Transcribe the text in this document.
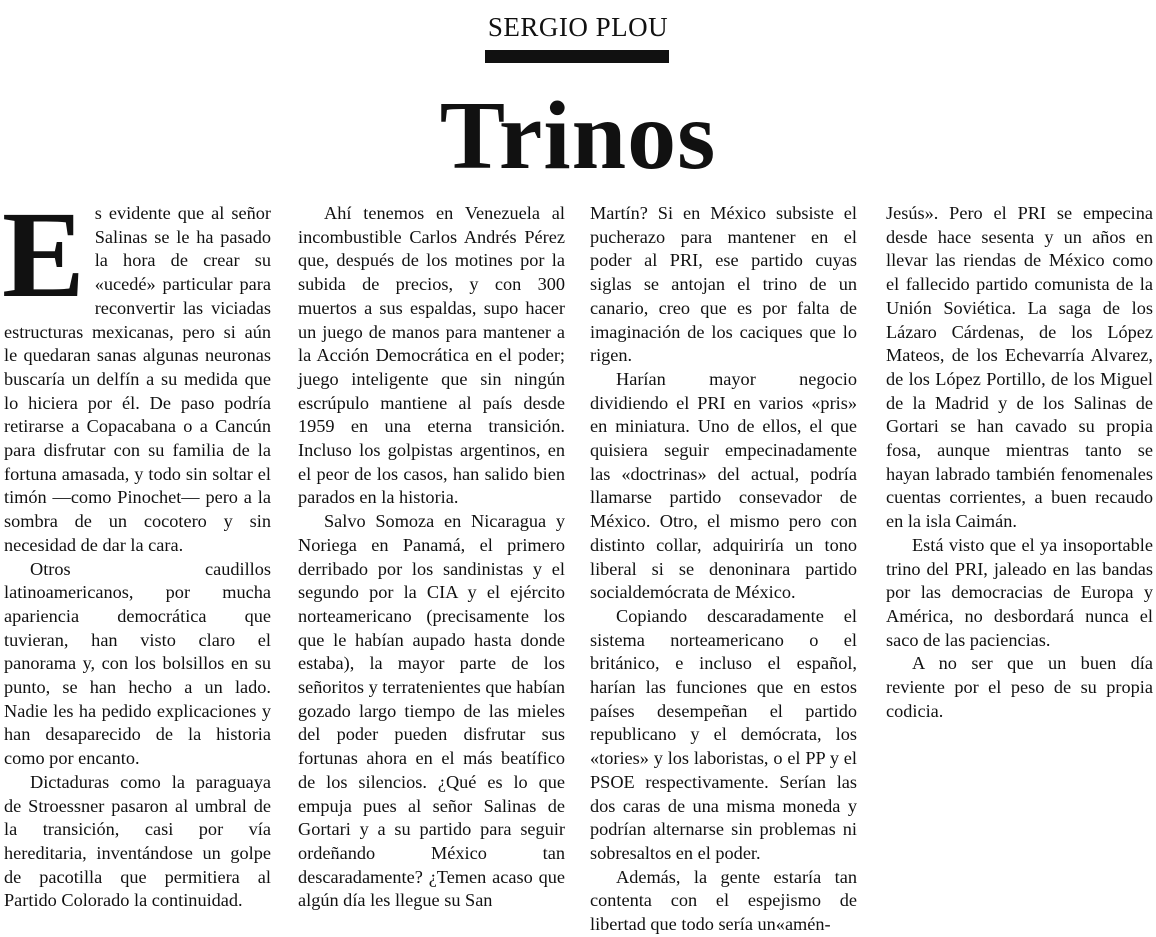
SERGIO PLOU
Trinos

Es evidente que al señor Salinas se le ha pasado la hora de crear su «ucedé» particular para reconvertir las viciadas estructuras mexicanas, pero si aún le quedaran sanas algunas neuronas buscaría un delfín a su medida que lo hiciera por él. De paso podría retirarse a Copacabana o a Cancún para disfrutar con su familia de la fortuna amasada, y todo sin soltar el timón —como Pinochet— pero a la sombra de un cocotero y sin necesidad de dar la cara.

Otros caudillos latinoamericanos, por mucha apariencia democrática que tuvieran, han visto claro el panorama y, con los bolsillos en su punto, se han hecho a un lado. Nadie les ha pedido explicaciones y han desaparecido de la historia como por encanto.

Dictaduras como la paraguaya de Stroessner pasaron al umbral de la transición, casi por vía hereditaria, inventándose un golpe de pacotilla que permitiera al Partido Colorado la continuidad.

Ahí tenemos en Venezuela al incombustible Carlos Andrés Pérez que, después de los motines por la subida de precios, y con 300 muertos a sus espaldas, supo hacer un juego de manos para mantener a la Acción Democrática en el poder; juego inteligente que sin ningún escrúpulo mantiene al país desde 1959 en una eterna transición. Incluso los golpistas argentinos, en el peor de los casos, han salido bien parados en la historia.

Salvo Somoza en Nicaragua y Noriega en Panamá, el primero derribado por los sandinistas y el segundo por la CIA y el ejército norteamericano (precisamente los que le habían aupado hasta donde estaba), la mayor parte de los señoritos y terratenientes que habían gozado largo tiempo de las mieles del poder pueden disfrutar sus fortunas ahora en el más beatífico de los silencios. ¿Qué es lo que empuja pues al señor Salinas de Gortari y a su partido para seguir ordeñando México tan descaradamente? ¿Temen acaso que algún día les llegue su San

Martín? Si en México subsiste el pucherazo para mantener en el poder al PRI, ese partido cuyas siglas se antojan el trino de un canario, creo que es por falta de imaginación de los caciques que lo rigen.

Harían mayor negocio dividiendo el PRI en varios «pris» en miniatura. Uno de ellos, el que quisiera seguir empecinadamente las «doctrinas» del actual, podría llamarse partido consevador de México. Otro, el mismo pero con distinto collar, adquiriría un tono liberal si se denoninara partido socialdemócrata de México.

Copiando descaradamente el sistema norteamericano o el británico, e incluso el español, harían las funciones que en estos países desempeñan el partido republicano y el demócrata, los «tories» y los laboristas, o el PP y el PSOE respectivamente. Serían las dos caras de una misma moneda y podrían alternarse sin problemas ni sobresaltos en el poder.

Además, la gente estaría tan contenta con el espejismo de libertad que todo sería un«amén-

Jesús». Pero el PRI se empecina desde hace sesenta y un años en llevar las riendas de México como el fallecido partido comunista de la Unión Soviética. La saga de los Lázaro Cárdenas, de los López Mateos, de los Echevarría Alvarez, de los López Portillo, de los Miguel de la Madrid y de los Salinas de Gortari se han cavado su propia fosa, aunque mientras tanto se hayan labrado también fenomenales cuentas corrientes, a buen recaudo en la isla Caimán.

Está visto que el ya insoportable trino del PRI, jaleado en las bandas por las democracias de Europa y América, no desbordará nunca el saco de las paciencias.

A no ser que un buen día reviente por el peso de su propia codicia.
